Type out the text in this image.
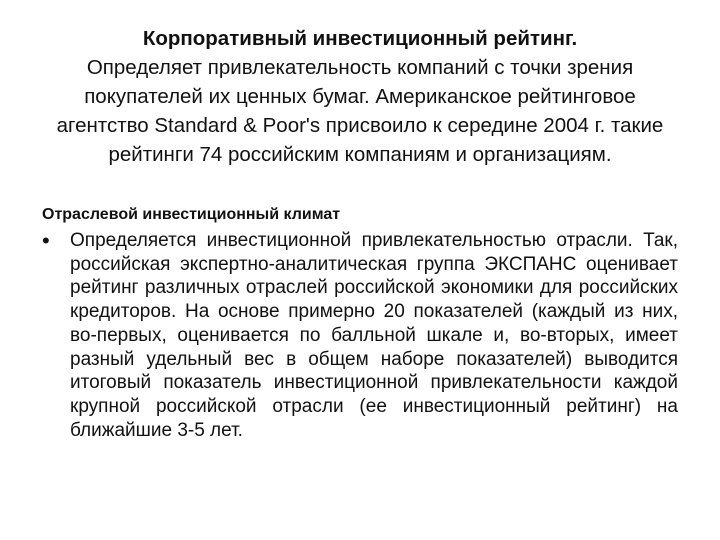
Корпоративный инвестиционный рейтинг.
Определяет привлекательность компаний с точки зрения покупателей их ценных бумаг. Американское рейтинговое агентство Standard & Poor's присвоило к середине 2004 г. такие рейтинги 74 российским компаниям и организациям.
Отраслевой инвестиционный климат
•	Определяется инвестиционной привлекательностью отрасли. Так, российская экспертно-аналитическая группа ЭКСПАНС оценивает рейтинг различных отраслей российской экономики для российских кредиторов. На основе примерно 20 показателей (каждый из них, во-первых, оценивается по балльной шкале и, во-вторых, имеет разный удельный вес в общем наборе показателей) выводится итоговый показатель инвестиционной привлекательности каждой крупной российской отрасли (ее инвестиционный рейтинг) на ближайшие 3-5 лет.
